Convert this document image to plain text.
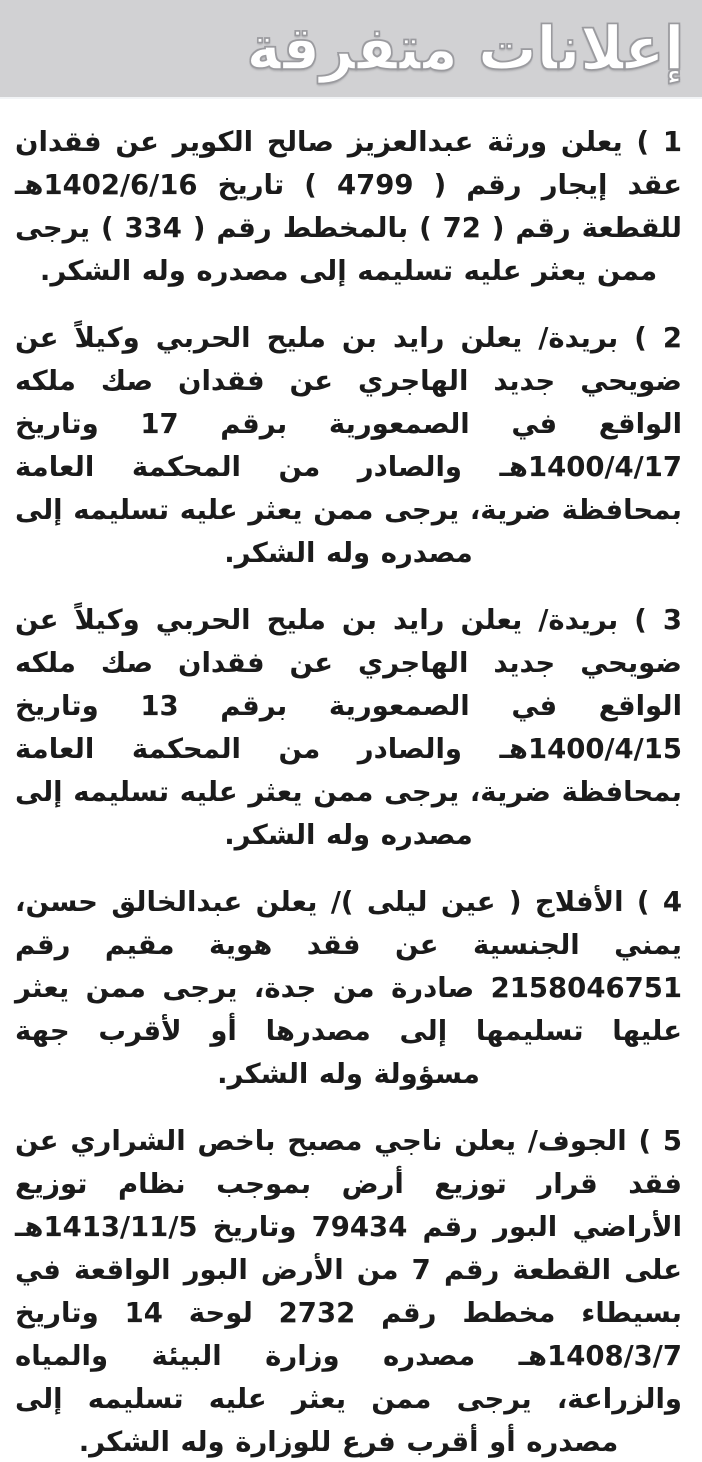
إعلانات متفرقة

1 ) يعلن ورثة عبدالعزيز صالح الكوير عن فقدان عقد إيجار رقم ( 4799 ) تاريخ 1402/6/16هـ للقطعة رقم ( 72 ) بالمخطط رقم ( 334 ) يرجى ممن يعثر عليه تسليمه إلى مصدره وله الشكر.

2 ) بريدة/ يعلن رايد بن مليح الحربي وكيلاً عن ضويحي جديد الهاجري عن فقدان صك ملكه الواقع في الصمعورية برقم 17 وتاريخ 1400/4/17هـ والصادر من المحكمة العامة بمحافظة ضرية، يرجى ممن يعثر عليه تسليمه إلى مصدره وله الشكر.

3 ) بريدة/ يعلن رايد بن مليح الحربي وكيلاً عن ضويحي جديد الهاجري عن فقدان صك ملكه الواقع في الصمعورية برقم 13 وتاريخ 1400/4/15هـ والصادر من المحكمة العامة بمحافظة ضرية، يرجى ممن يعثر عليه تسليمه إلى مصدره وله الشكر.

4 ) الأفلاج ( عين ليلى )/ يعلن عبدالخالق حسن، يمني الجنسية عن فقد هوية مقيم رقم 2158046751 صادرة من جدة، يرجى ممن يعثر عليها تسليمها إلى مصدرها أو لأقرب جهة مسؤولة وله الشكر.

5 ) الجوف/ يعلن ناجي مصبح باخص الشراري عن فقد قرار توزيع أرض بموجب نظام توزيع الأراضي البور رقم 79434 وتاريخ 1413/11/5هـ على القطعة رقم 7 من الأرض البور الواقعة في بسيطاء مخطط رقم 2732 لوحة 14 وتاريخ 1408/3/7هـ مصدره وزارة البيئة والمياه والزراعة، يرجى ممن يعثر عليه تسليمه إلى مصدره أو أقرب فرع للوزارة وله الشكر.
